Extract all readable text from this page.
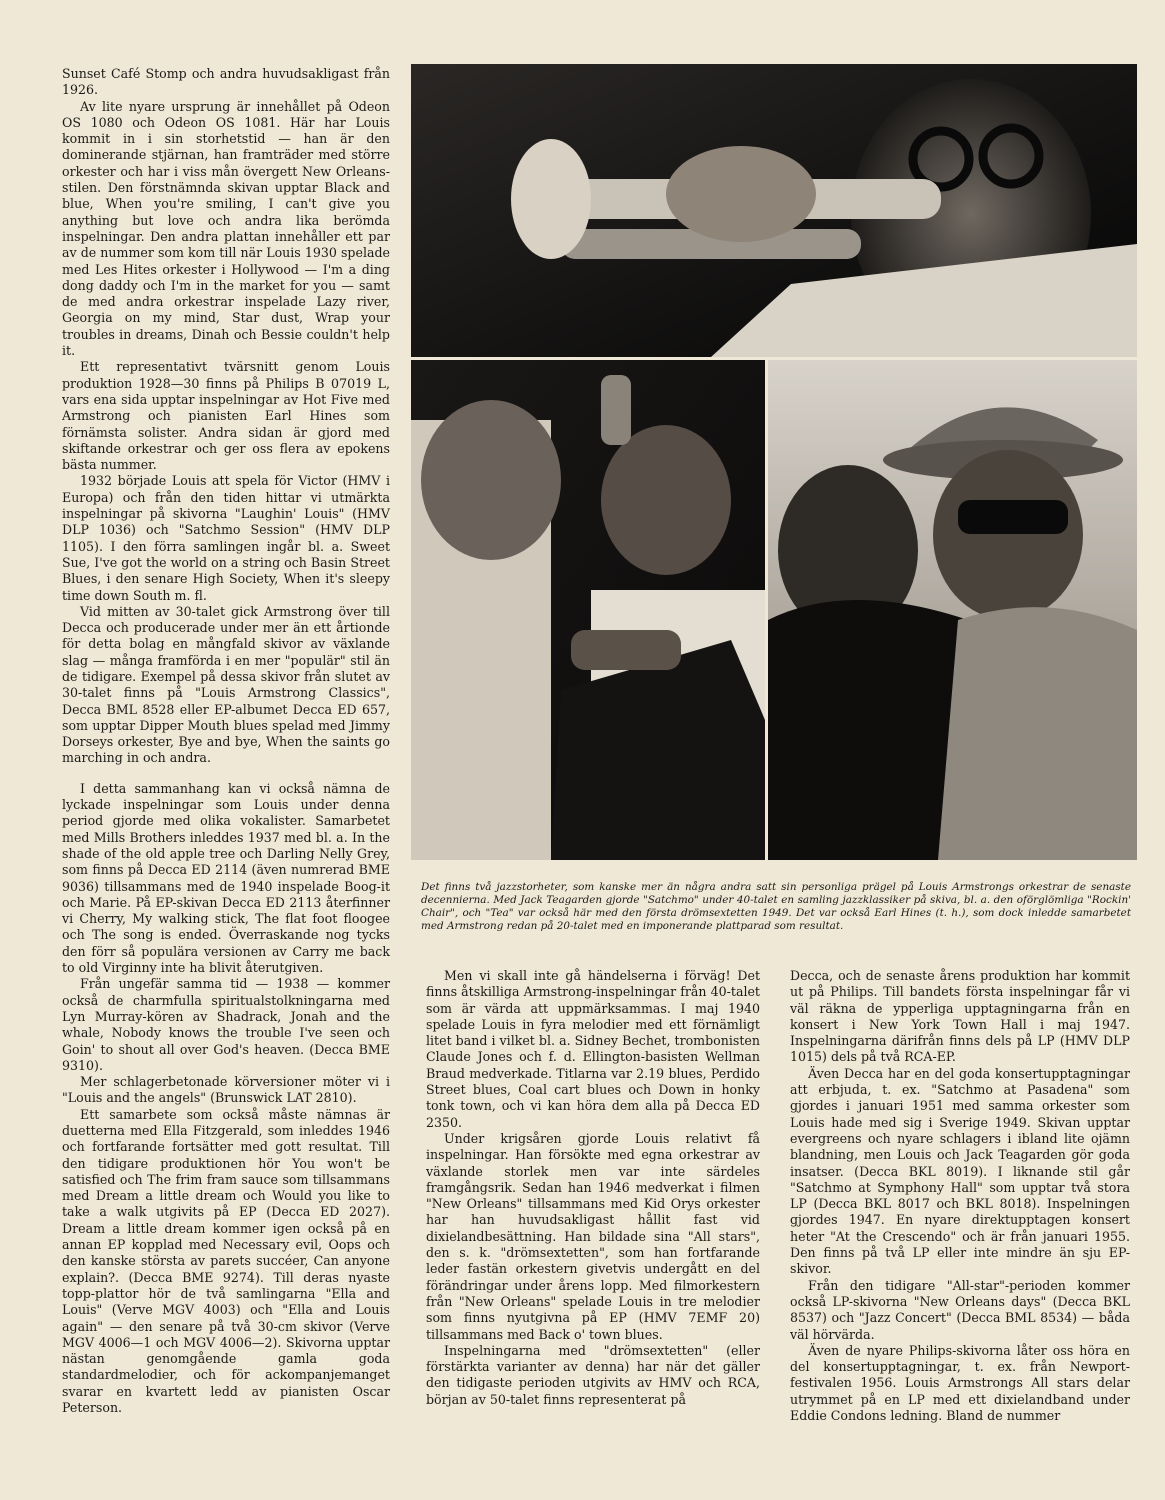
Sunset Café Stomp och andra huvudsakligast från 1926.

Av lite nyare ursprung är innehållet på Odeon OS 1080 och Odeon OS 1081. Här har Louis kommit in i sin storhetstid — han är den dominerande stjärnan, han framträder med större orkester och har i viss mån övergett New Orleans-stilen. Den förstnämnda skivan upptar Black and blue, When you're smiling, I can't give you anything but love och andra lika berömda inspelningar. Den andra plattan innehåller ett par av de nummer som kom till när Louis 1930 spelade med Les Hites orkester i Hollywood — I'm a ding dong daddy och I'm in the market for you — samt de med andra orkestrar inspelade Lazy river, Georgia on my mind, Star dust, Wrap your troubles in dreams, Dinah och Bessie couldn't help it.

Ett representativt tvärsnitt genom Louis produktion 1928—30 finns på Philips B 07019 L, vars ena sida upptar inspelningar av Hot Five med Armstrong och pianisten Earl Hines som förnämsta solister. Andra sidan är gjord med skiftande orkestrar och ger oss flera av epokens bästa nummer.

1932 började Louis att spela för Victor (HMV i Europa) och från den tiden hittar vi utmärkta inspelningar på skivorna "Laughin' Louis" (HMV DLP 1036) och "Satchmo Session" (HMV DLP 1105). I den förra samlingen ingår bl. a. Sweet Sue, I've got the world on a string och Basin Street Blues, i den senare High Society, When it's sleepy time down South m. fl.

Vid mitten av 30-talet gick Armstrong över till Decca och producerade under mer än ett årtionde för detta bolag en mångfald skivor av växlande slag — många framförda i en mer "populär" stil än de tidigare. Exempel på dessa skivor från slutet av 30-talet finns på "Louis Armstrong Classics", Decca BML 8528 eller EP-albumet Decca ED 657, som upptar Dipper Mouth blues spelad med Jimmy Dorseys orkester, Bye and bye, When the saints go marching in och andra.

I detta sammanhang kan vi också nämna de lyckade inspelningar som Louis under denna period gjorde med olika vokalister. Samarbetet med Mills Brothers inleddes 1937 med bl. a. In the shade of the old apple tree och Darling Nelly Grey, som finns på Decca ED 2114 (även numrerad BME 9036) tillsammans med de 1940 inspelade Boog-it och Marie. På EP-skivan Decca ED 2113 återfinner vi Cherry, My walking stick, The flat foot floogee och The song is ended. Överraskande nog tycks den förr så populära versionen av Carry me back to old Virginny inte ha blivit återutgiven.

Från ungefär samma tid — 1938 — kommer också de charmfulla spiritualstolkningarna med Lyn Murray-kören av Shadrack, Jonah and the whale, Nobody knows the trouble I've seen och Goin' to shout all over God's heaven. (Decca BME 9310).

Mer schlagerbetonade körversioner möter vi i "Louis and the angels" (Brunswick LAT 2810).

Ett samarbete som också måste nämnas är duetterna med Ella Fitzgerald, som inleddes 1946 och fortfarande fortsätter med gott resultat. Till den tidigare produktionen hör You won't be satisfied och The frim fram sauce som tillsammans med Dream a little dream och Would you like to take a walk utgivits på EP (Decca ED 2027). Dream a little dream kommer igen också på en annan EP kopplad med Necessary evil, Oops och den kanske största av parets succéer, Can anyone explain?. (Decca BME 9274). Till deras nyaste topp-plattor hör de två samlingarna "Ella and Louis" (Verve MGV 4003) och "Ella and Louis again" — den senare på två 30-cm skivor (Verve MGV 4006—1 och MGV 4006—2). Skivorna upptar nästan genomgående gamla goda standardmelodier, och för ackompanjemanget svarar en kvartett ledd av pianisten Oscar Peterson.

Det finns två jazzstorheter, som kanske mer än några andra satt sin personliga prägel på Louis Armstrongs orkestrar de senaste decennierna. Med Jack Teagarden gjorde "Satchmo" under 40-talet en samling jazzklassiker på skiva, bl. a. den oförglömliga "Rockin' Chair", och "Tea" var också här med den första drömsextetten 1949. Det var också Earl Hines (t. h.), som dock inledde samarbetet med Armstrong redan på 20-talet med en imponerande plattparad som resultat.

Men vi skall inte gå händelserna i förväg! Det finns åtskilliga Armstrong-inspelningar från 40-talet som är värda att uppmärksammas. I maj 1940 spelade Louis in fyra melodier med ett förnämligt litet band i vilket bl. a. Sidney Bechet, trombonisten Claude Jones och f. d. Ellington-basisten Wellman Braud medverkade. Titlarna var 2.19 blues, Perdido Street blues, Coal cart blues och Down in honky tonk town, och vi kan höra dem alla på Decca ED 2350.

Under krigsåren gjorde Louis relativt få inspelningar. Han försökte med egna orkestrar av växlande storlek men var inte särdeles framgångsrik. Sedan han 1946 medverkat i filmen "New Orleans" tillsammans med Kid Orys orkester har han huvudsakligast hållit fast vid dixielandbesättning. Han bildade sina "All stars", den s. k. "drömsextetten", som han fortfarande leder fastän orkestern givetvis undergått en del förändringar under årens lopp. Med filmorkestern från "New Orleans" spelade Louis in tre melodier som finns nyutgivna på EP (HMV 7EMF 20) tillsammans med Back o' town blues.

Inspelningarna med "drömsextetten" (eller förstärkta varianter av denna) har när det gäller den tidigaste perioden utgivits av HMV och RCA, början av 50-talet finns representerat på

Decca, och de senaste årens produktion har kommit ut på Philips. Till bandets första inspelningar får vi väl räkna de ypperliga upptagningarna från en konsert i New York Town Hall i maj 1947. Inspelningarna därifrån finns dels på LP (HMV DLP 1015) dels på två RCA-EP.

Även Decca har en del goda konsertupptagningar att erbjuda, t. ex. "Satchmo at Pasadena" som gjordes i januari 1951 med samma orkester som Louis hade med sig i Sverige 1949. Skivan upptar evergreens och nyare schlagers i ibland lite ojämn blandning, men Louis och Jack Teagarden gör goda insatser. (Decca BKL 8019). I liknande stil går "Satchmo at Symphony Hall" som upptar två stora LP (Decca BKL 8017 och BKL 8018). Inspelningen gjordes 1947. En nyare direktupptagen konsert heter "At the Crescendo" och är från januari 1955. Den finns på två LP eller inte mindre än sju EP-skivor.

Från den tidigare "All-star"-perioden kommer också LP-skivorna "New Orleans days" (Decca BKL 8537) och "Jazz Concert" (Decca BML 8534) — båda väl hörvärda.

Även de nyare Philips-skivorna låter oss höra en del konsertupptagningar, t. ex. från Newport-festivalen 1956. Louis Armstrongs All stars delar utrymmet på en LP med ett dixielandband under Eddie Condons ledning. Bland de nummer
